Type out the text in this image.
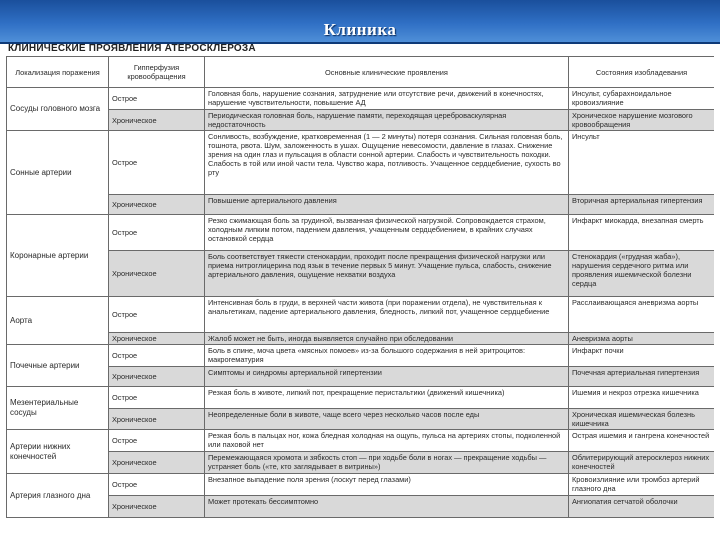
Клиника
КЛИНИЧЕСКИЕ ПРОЯВЛЕНИЯ АТЕРОСКЛЕРОЗА
Локализация поражения	Гипперфузия кровообращения	Основные клинические проявления	Состояния изобладевания
Сосуды головного мозга	Острое	Головная боль, нарушение сознания, затруднение или отсутствие речи, движений в конечностях, нарушение чувствительности, повышение АД	Инсульт, субарахноидальное кровоизлияние
	Хроническое	Периодическая головная боль, нарушение памяти, переходящая цереброваскулярная недостаточность	Хроническое нарушение мозгового кровообращения
Сонные артерии	Острое	Сонливость, возбуждение, кратковременная (1 — 2 минуты) потеря сознания. Сильная головная боль, тошнота, рвота. Шум, заложенность в ушах. Ощущение невесомости, давление в глазах. Снижение зрения на один глаз и пульсация в области сонной артерии. Слабость и чувствительность походки. Слабость в той или иной части тела. Чувство жара, потливость. Учащенное сердцебиение, сухость во рту	Инсульт
	Хроническое	Повышение артериального давления	Вторичная артериальная гипертензия
Коронарные артерии	Острое	Резко сжимающая боль за грудиной, вызванная физической нагрузкой. Сопровождается страхом, холодным липким потом, падением давления, учащенным сердцебиением, в крайних случаях остановкой сердца	Инфаркт миокарда, внезапная смерть
	Хроническое	Боль соответствует тяжести стенокардии, проходит после прекращения физической нагрузки или приема нитроглицерина под язык в течение первых 5 минут. Учащение пульса, слабость, снижение артериального давления, ощущение нехватки воздуха	Стенокардия («грудная жаба»), нарушения сердечного ритма или проявления ишемической болезни сердца
Аорта	Острое	Интенсивная боль в груди, в верхней части живота (при поражении отдела), не чувствительная к анальгетикам, падение артериального давления, бледность, липкий пот, учащенное сердцебиение	Расслаивающаяся аневризма аорты
	Хроническое	Жалоб может не быть, иногда выявляется случайно при обследовании	Аневризма аорты
Почечные артерии	Острое	Боль в спине, моча цвета «мясных помоев» из-за большого содержания в ней эритроцитов: макрогематурия	Инфаркт почки
	Хроническое	Симптомы и синдромы артериальной гипертензии	Почечная артериальная гипертензия
Мезентериальные сосуды	Острое	Резкая боль в животе, липкий пот, прекращение перистальтики (движений кишечника)	Ишемия и некроз отрезка кишечника
	Хроническое	Неопределенные боли в животе, чаще всего через несколько часов после еды	Хроническая ишемическая болезнь кишечника
Артерии нижних конечностей	Острое	Резкая боль в пальцах ног, кожа бледная холодная на ощупь, пульса на артериях стопы, подколенной или паховой нет	Острая ишемия и гангрена конечностей
	Хроническое	Перемежающаяся хромота и зябкость стоп — при ходьбе боли в ногах — прекращение ходьбы — устраняет боль («те, кто заглядывает в витрины»)	Облитерирующий атеросклероз нижних конечностей
Артерия глазного дна	Острое	Внезапное выпадение поля зрения (лоскут перед глазами)	Кровоизлияние или тромбоз артерий глазного дна
	Хроническое	Может протекать бессимптомно	Ангиопатия сетчатой оболочки
